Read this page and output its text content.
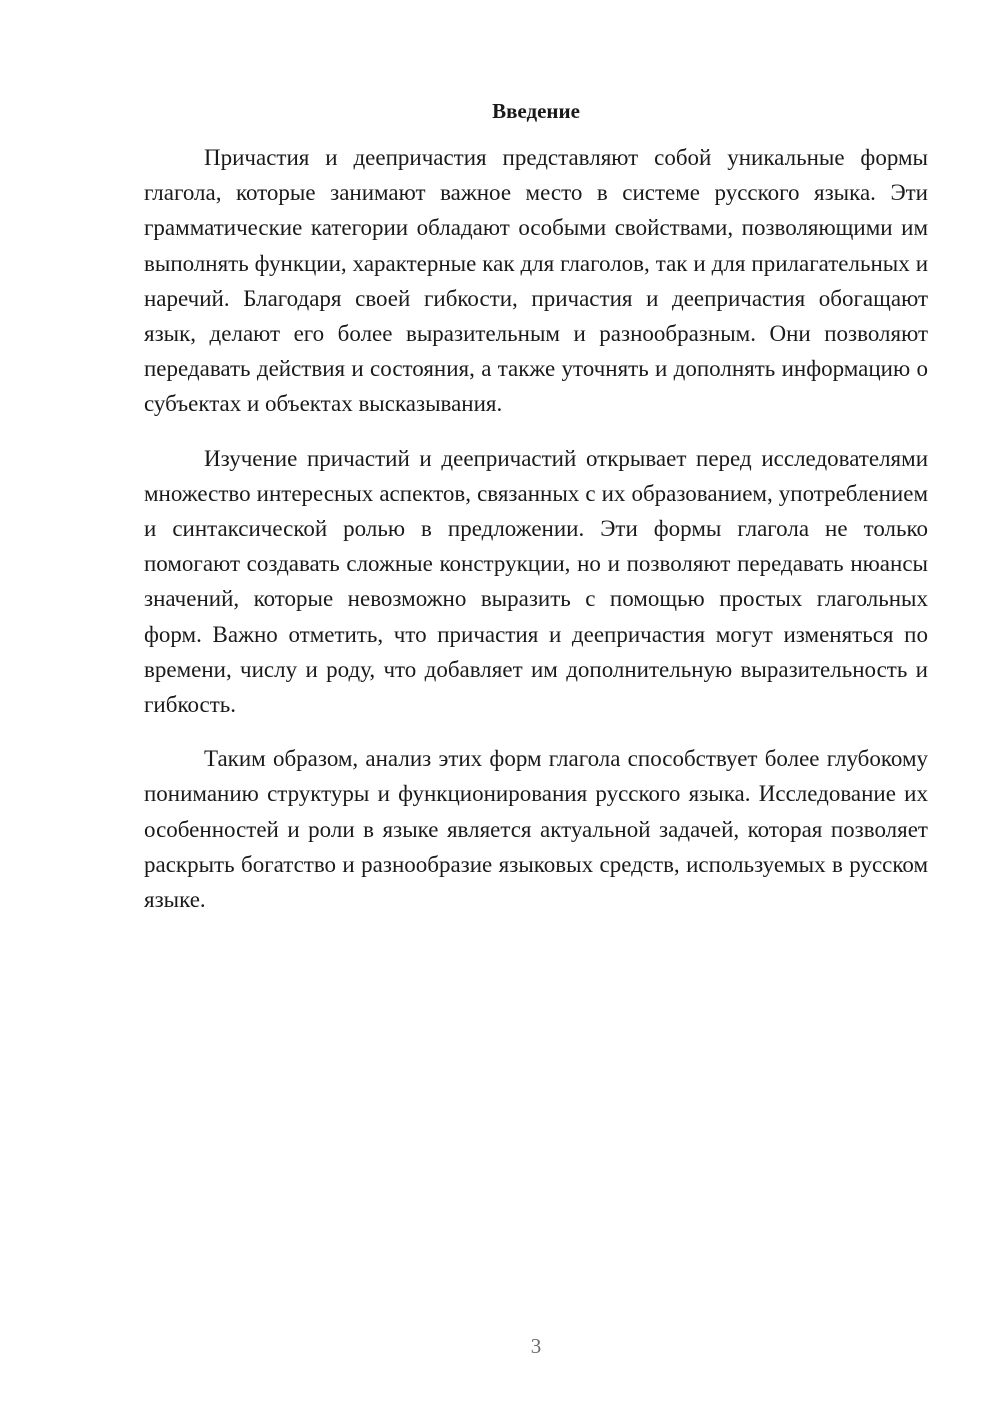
Введение

Причастия и деепричастия представляют собой уникальные формы глагола, которые занимают важное место в системе русского языка. Эти грамматические категории обладают особыми свойствами, позволяющими им выполнять функции, характерные как для глаголов, так и для прилагательных и наречий. Благодаря своей гибкости, причастия и деепричастия обогащают язык, делают его более выразительным и разнообразным. Они позволяют передавать действия и состояния, а также уточнять и дополнять информацию о субъектах и объектах высказывания.

Изучение причастий и деепричастий открывает перед исследователями множество интересных аспектов, связанных с их образованием, употреблением и синтаксической ролью в предложении. Эти формы глагола не только помогают создавать сложные конструкции, но и позволяют передавать нюансы значений, которые невозможно выразить с помощью простых глагольных форм. Важно отметить, что причастия и деепричастия могут изменяться по времени, числу и роду, что добавляет им дополнительную выразительность и гибкость.

Таким образом, анализ этих форм глагола способствует более глубокому пониманию структуры и функционирования русского языка. Исследование их особенностей и роли в языке является актуальной задачей, которая позволяет раскрыть богатство и разнообразие языковых средств, используемых в русском языке.

3
